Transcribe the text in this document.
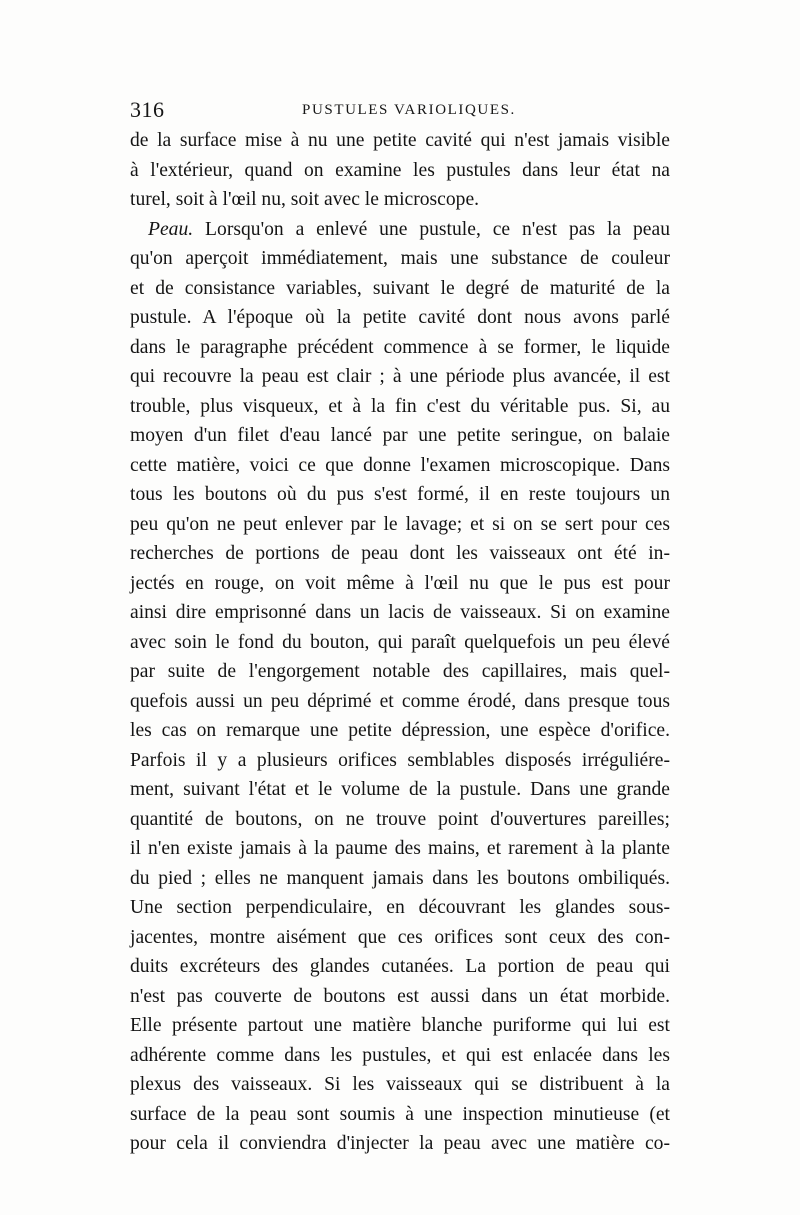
316	PUSTULES VARIOLIQUES.
de la surface mise à nu une petite cavité qui n'est jamais visible
à l'extérieur, quand on examine les pustules dans leur état na
turel, soit à l'œil nu, soit avec le microscope.
Peau. Lorsqu'on a enlevé une pustule, ce n'est pas la peau
qu'on aperçoit immédiatement, mais une substance de couleur
et de consistance variables, suivant le degré de maturité de la
pustule. A l'époque où la petite cavité dont nous avons parlé
dans le paragraphe précédent commence à se former, le liquide
qui recouvre la peau est clair ; à une période plus avancée, il est
trouble, plus visqueux, et à la fin c'est du véritable pus. Si, au
moyen d'un filet d'eau lancé par une petite seringue, on balaie
cette matière, voici ce que donne l'examen microscopique. Dans
tous les boutons où du pus s'est formé, il en reste toujours un
peu qu'on ne peut enlever par le lavage; et si on se sert pour ces
recherches de portions de peau dont les vaisseaux ont été in-
jectés en rouge, on voit même à l'œil nu que le pus est pour
ainsi dire emprisonné dans un lacis de vaisseaux. Si on examine
avec soin le fond du bouton, qui paraît quelquefois un peu élevé
par suite de l'engorgement notable des capillaires, mais quel-
quefois aussi un peu déprimé et comme érodé, dans presque tous
les cas on remarque une petite dépression, une espèce d'orifice.
Parfois il y a plusieurs orifices semblables disposés irréguliére-
ment, suivant l'état et le volume de la pustule. Dans une grande
quantité de boutons, on ne trouve point d'ouvertures pareilles;
il n'en existe jamais à la paume des mains, et rarement à la plante
du pied ; elles ne manquent jamais dans les boutons ombiliqués.
Une section perpendiculaire, en découvrant les glandes sous-
jacentes, montre aisément que ces orifices sont ceux des con-
duits excréteurs des glandes cutanées. La portion de peau qui
n'est pas couverte de boutons est aussi dans un état morbide.
Elle présente partout une matière blanche puriforme qui lui est
adhérente comme dans les pustules, et qui est enlacée dans les
plexus des vaisseaux. Si les vaisseaux qui se distribuent à la
surface de la peau sont soumis à une inspection minutieuse (et
pour cela il conviendra d'injecter la peau avec une matière co-
